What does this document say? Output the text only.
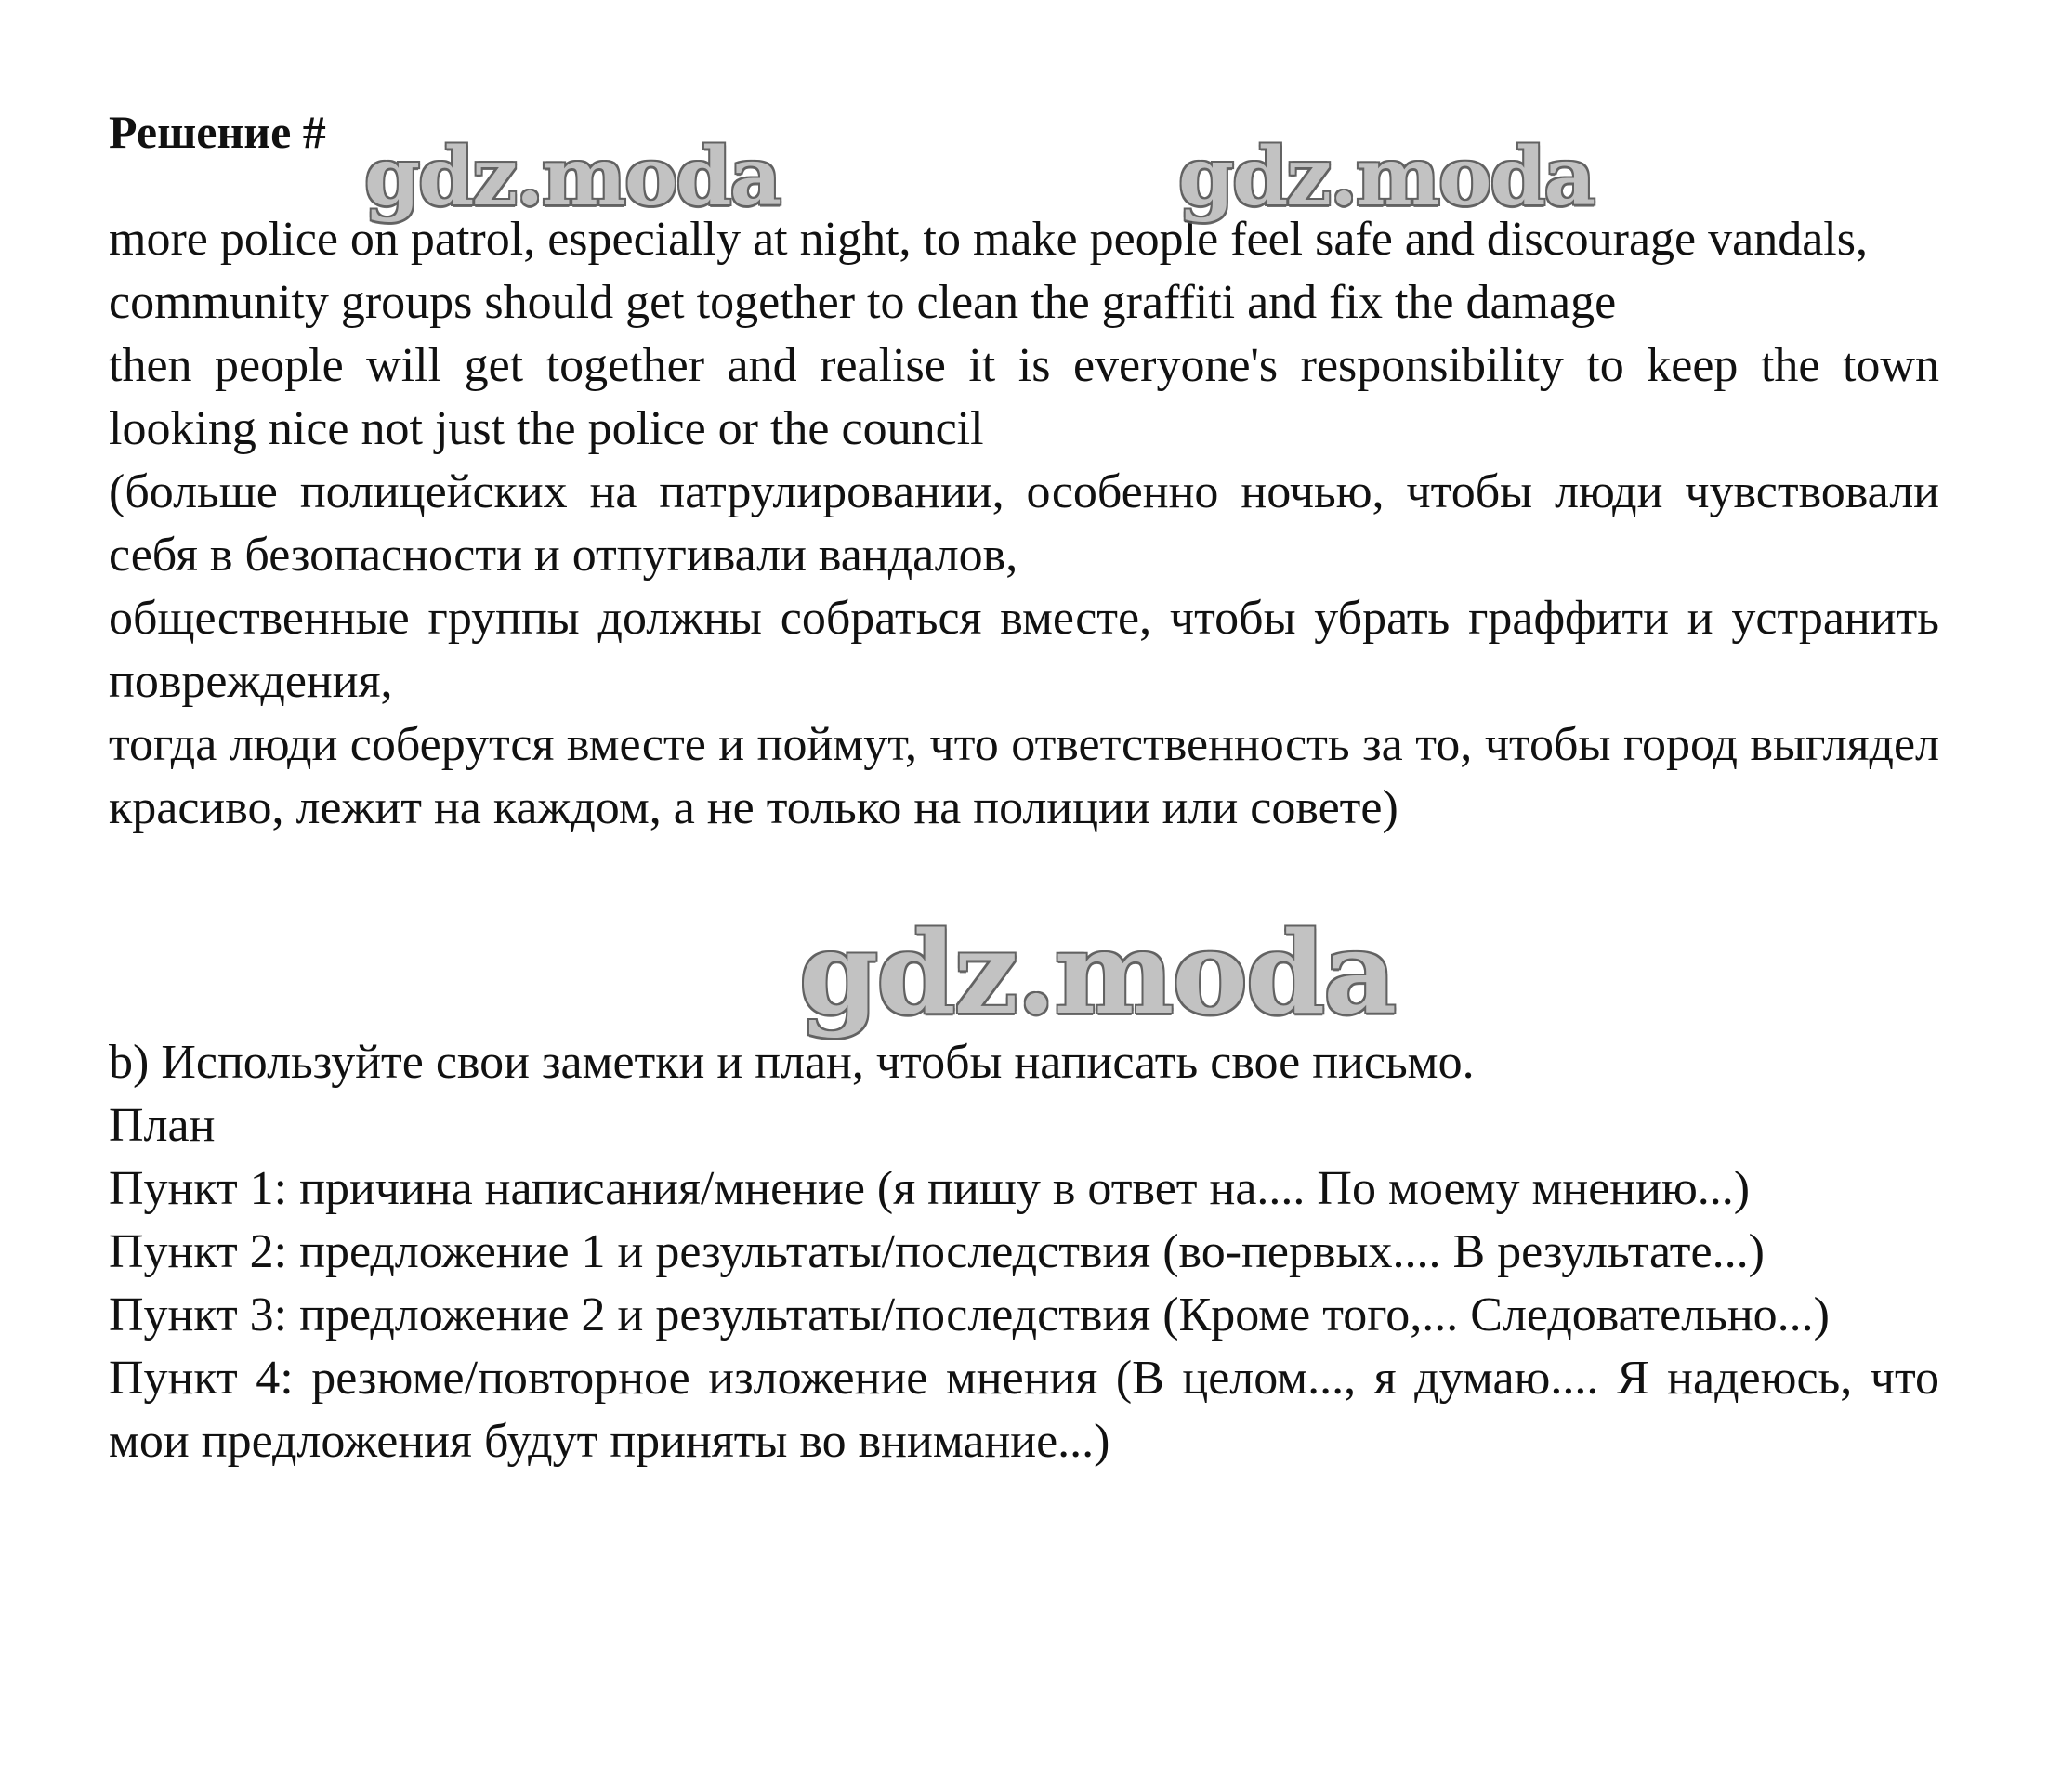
Решение #

more police on patrol, especially at night, to make people feel safe and discourage vandals,

community groups should get together to clean the graffiti and fix the damage

then people will get together and realise it is everyone's responsibility to keep the town looking nice not just the police or the council

(больше полицейских на патрулировании, особенно ночью, чтобы люди чувствовали себя в безопасности и отпугивали вандалов,

общественные группы должны собраться вместе, чтобы убрать граффити и устранить повреждения,

тогда люди соберутся вместе и поймут, что ответственность за то, чтобы город выглядел красиво, лежит на каждом, а не только на полиции или совете)

b) Используйте свои заметки и план, чтобы написать свое письмо.

План

Пункт 1: причина написания/мнение (я пишу в ответ на.... По моему мнению...)

Пункт 2: предложение 1 и результаты/последствия (во-первых.... В результате...)

Пункт 3: предложение 2 и результаты/последствия (Кроме того,... Следовательно...)

Пункт 4: резюме/повторное изложение мнения (В целом..., я думаю.... Я надеюсь, что мои предложения будут приняты во внимание...)

gdz.moda	gdz.moda
gdz.moda
